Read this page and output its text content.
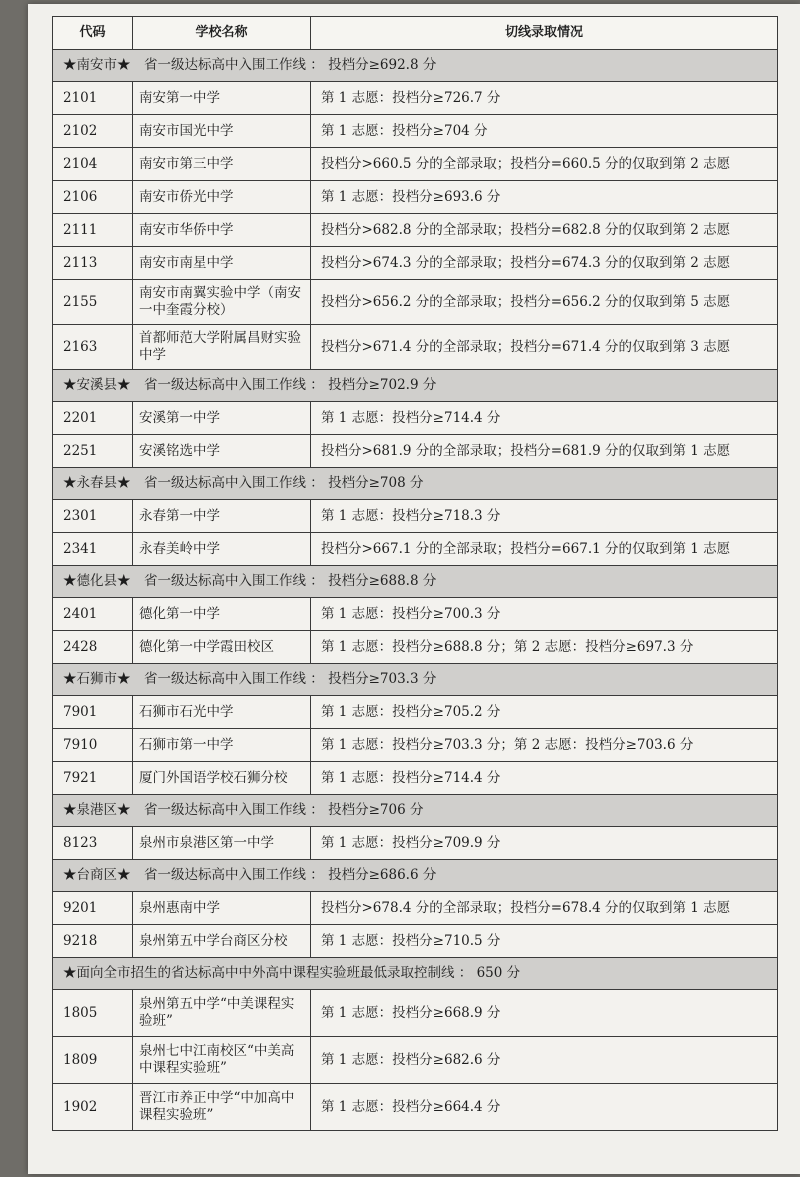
代码	学校名称	切线录取情况
★南安市★　省一级达标高中入围工作线 ： 投档分≥692.8 分		
2101	南安第一中学	第 1 志愿：投档分≥726.7 分
2102	南安市国光中学	第 1 志愿：投档分≥704 分
2104	南安市第三中学	投档分>660.5 分的全部录取；投档分=660.5 分的仅取到第 2 志愿
2106	南安市侨光中学	第 1 志愿：投档分≥693.6 分
2111	南安市华侨中学	投档分>682.8 分的全部录取；投档分=682.8 分的仅取到第 2 志愿
2113	南安市南星中学	投档分>674.3 分的全部录取；投档分=674.3 分的仅取到第 2 志愿
2155	南安市南翼实验中学（南安一中奎霞分校）	投档分>656.2 分的全部录取；投档分=656.2 分的仅取到第 5 志愿
2163	首都师范大学附属昌财实验中学	投档分>671.4 分的全部录取；投档分=671.4 分的仅取到第 3 志愿
★安溪县★　省一级达标高中入围工作线 ： 投档分≥702.9 分		
2201	安溪第一中学	第 1 志愿：投档分≥714.4 分
2251	安溪铭选中学	投档分>681.9 分的全部录取；投档分=681.9 分的仅取到第 1 志愿
★永春县★　省一级达标高中入围工作线 ： 投档分≥708 分		
2301	永春第一中学	第 1 志愿：投档分≥718.3 分
2341	永春美岭中学	投档分>667.1 分的全部录取；投档分=667.1 分的仅取到第 1 志愿
★德化县★　省一级达标高中入围工作线 ： 投档分≥688.8 分		
2401	德化第一中学	第 1 志愿：投档分≥700.3 分
2428	德化第一中学霞田校区	第 1 志愿：投档分≥688.8 分；第 2 志愿：投档分≥697.3 分
★石狮市★　省一级达标高中入围工作线 ： 投档分≥703.3 分		
7901	石狮市石光中学	第 1 志愿：投档分≥705.2 分
7910	石狮市第一中学	第 1 志愿：投档分≥703.3 分；第 2 志愿：投档分≥703.6 分
7921	厦门外国语学校石狮分校	第 1 志愿：投档分≥714.4 分
★泉港区★　省一级达标高中入围工作线 ： 投档分≥706 分		
8123	泉州市泉港区第一中学	第 1 志愿：投档分≥709.9 分
★台商区★　省一级达标高中入围工作线 ： 投档分≥686.6 分		
9201	泉州惠南中学	投档分>678.4 分的全部录取；投档分=678.4 分的仅取到第 1 志愿
9218	泉州第五中学台商区分校	第 1 志愿：投档分≥710.5 分
★面向全市招生的省达标高中中外高中课程实验班最低录取控制线 ： 650 分		
1805	泉州第五中学“中美课程实验班”	第 1 志愿：投档分≥668.9 分
1809	泉州七中江南校区“中美高中课程实验班”	第 1 志愿：投档分≥682.6 分
1902	晋江市养正中学“中加高中课程实验班”	第 1 志愿：投档分≥664.4 分
